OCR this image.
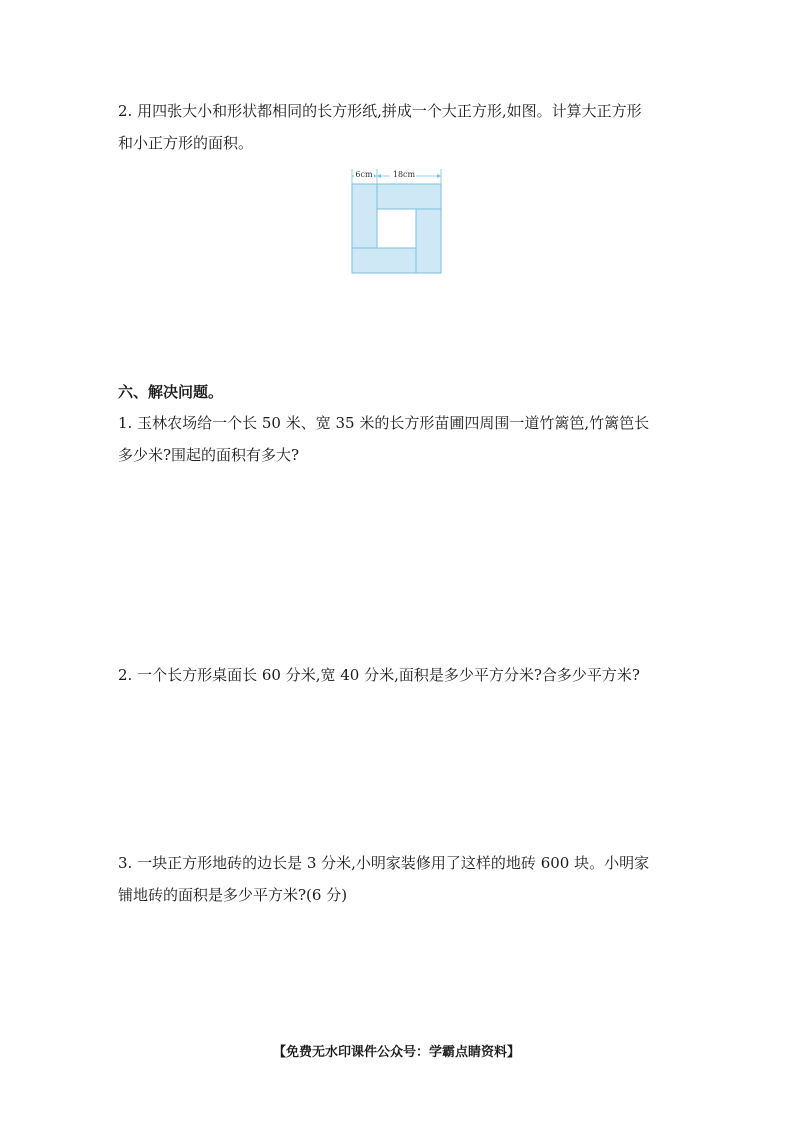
2. 用四张大小和形状都相同的长方形纸,拼成一个大正方形,如图。计算大正方形
和小正方形的面积。
6cm	18cm
六、解决问题。
1. 玉林农场给一个长 50 米、宽 35 米的长方形苗圃四周围一道竹篱笆,竹篱笆长
多少米?围起的面积有多大?
2. 一个长方形桌面长 60 分米,宽 40 分米,面积是多少平方分米?合多少平方米?
3. 一块正方形地砖的边长是 3 分米,小明家装修用了这样的地砖 600 块。小明家
铺地砖的面积是多少平方米?(6 分)
【免费无水印课件公众号：学霸点睛资料】
